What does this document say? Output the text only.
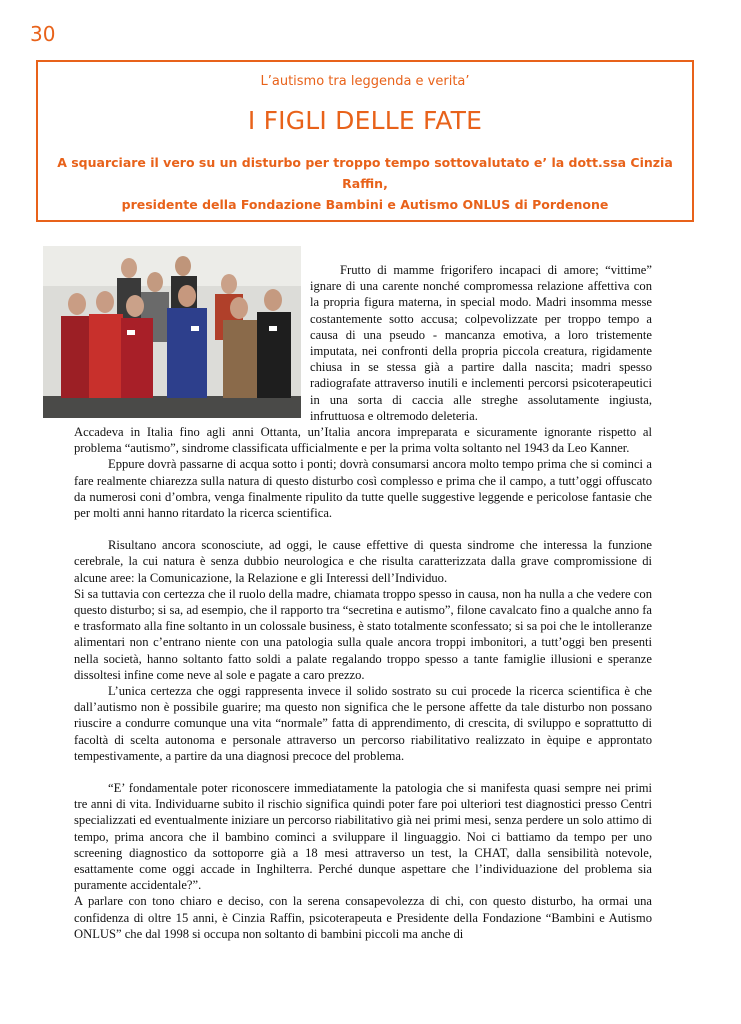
30
L’autismo tra leggenda e verita’
I FIGLI DELLE FATE
A squarciare il vero su un disturbo per troppo tempo sottovalutato e’ la dott.ssa Cinzia Raffin,
presidente della Fondazione Bambini e Autismo ONLUS di Pordenone

Frutto di mamme frigorifero incapaci di amore; “vittime” ignare di una carente nonché compromessa relazione affettiva con la propria figura materna, in special modo. Madri insomma messe costantemente sotto accusa; colpevolizzate per troppo tempo a causa di una pseudo - mancanza emotiva, a loro tristemente imputata, nei confronti della propria piccola creatura, rigidamente chiusa in se stessa già a partire dalla nascita; madri spesso radiografate attraverso inutili e inclementi percorsi psicoterapeutici in una sorta di caccia alle streghe assolutamente ingiusta, infruttuosa e oltremodo deleteria.

Accadeva in Italia fino agli anni Ottanta, un’Italia ancora impreparata e sicuramente ignorante rispetto al problema “autismo”, sindrome classificata ufficialmente e per la prima volta soltanto nel 1943 da Leo Kanner.

Eppure dovrà passarne di acqua sotto i ponti; dovrà consumarsi ancora molto tempo prima che si cominci a fare realmente chiarezza sulla natura di questo disturbo così complesso e prima che il campo, a tutt’oggi offuscato da numerosi coni d’ombra, venga finalmente ripulito da tutte quelle suggestive leggende e pericolose fantasie che per molti anni hanno ritardato la ricerca scientifica.

Risultano ancora sconosciute, ad oggi, le cause effettive di questa sindrome che interessa la funzione cerebrale, la cui natura è senza dubbio neurologica e che risulta caratterizzata dalla grave compromissione di alcune aree: la Comunicazione, la Relazione e gli Interessi dell’Individuo.

Si sa tuttavia con certezza che il ruolo della madre, chiamata troppo spesso in causa, non ha nulla a che vedere con questo disturbo; si sa, ad esempio, che il rapporto tra “secretina e autismo”, filone cavalcato fino a qualche anno fa e trasformato alla fine soltanto in un colossale business, è stato totalmente sconfessato; si sa poi che le intolleranze alimentari non c’entrano niente con una patologia sulla quale ancora troppi imbonitori, a tutt’oggi ben presenti nella società, hanno soltanto fatto soldi a palate regalando troppo spesso a tante famiglie illusioni e speranze dissoltesi infine come neve al sole e pagate a caro prezzo.

L’unica certezza che oggi rappresenta invece il solido sostrato su cui procede la ricerca scientifica è che dall’autismo non è possibile guarire; ma questo non significa che le persone affette da tale disturbo non possano riuscire a condurre comunque una vita “normale” fatta di apprendimento, di crescita, di sviluppo e soprattutto di facoltà di scelta autonoma e personale attraverso un percorso riabilitativo realizzato in èquipe e approntato tempestivamente, a partire da una diagnosi precoce del problema.

“E’ fondamentale poter riconoscere immediatamente la patologia che si manifesta quasi sempre nei primi tre anni di vita. Individuarne subito il rischio significa quindi poter fare poi ulteriori test diagnostici presso Centri specializzati ed eventualmente iniziare un percorso riabilitativo già nei primi mesi, senza perdere un solo attimo di tempo, prima ancora che il bambino cominci a sviluppare il linguaggio. Noi ci battiamo da tempo per uno screening diagnostico da sottoporre già a 18 mesi attraverso un test, la CHAT, dalla sensibilità notevole, esattamente come oggi accade in Inghilterra. Perché dunque aspettare che l’individuazione del problema sia puramente accidentale?”.

A parlare con tono chiaro e deciso, con la serena consapevolezza di chi, con questo disturbo, ha ormai una confidenza di oltre 15 anni, è Cinzia Raffin, psicoterapeuta e Presidente della Fondazione “Bambini e Autismo ONLUS” che dal 1998 si occupa non soltanto di bambini piccoli ma anche di
